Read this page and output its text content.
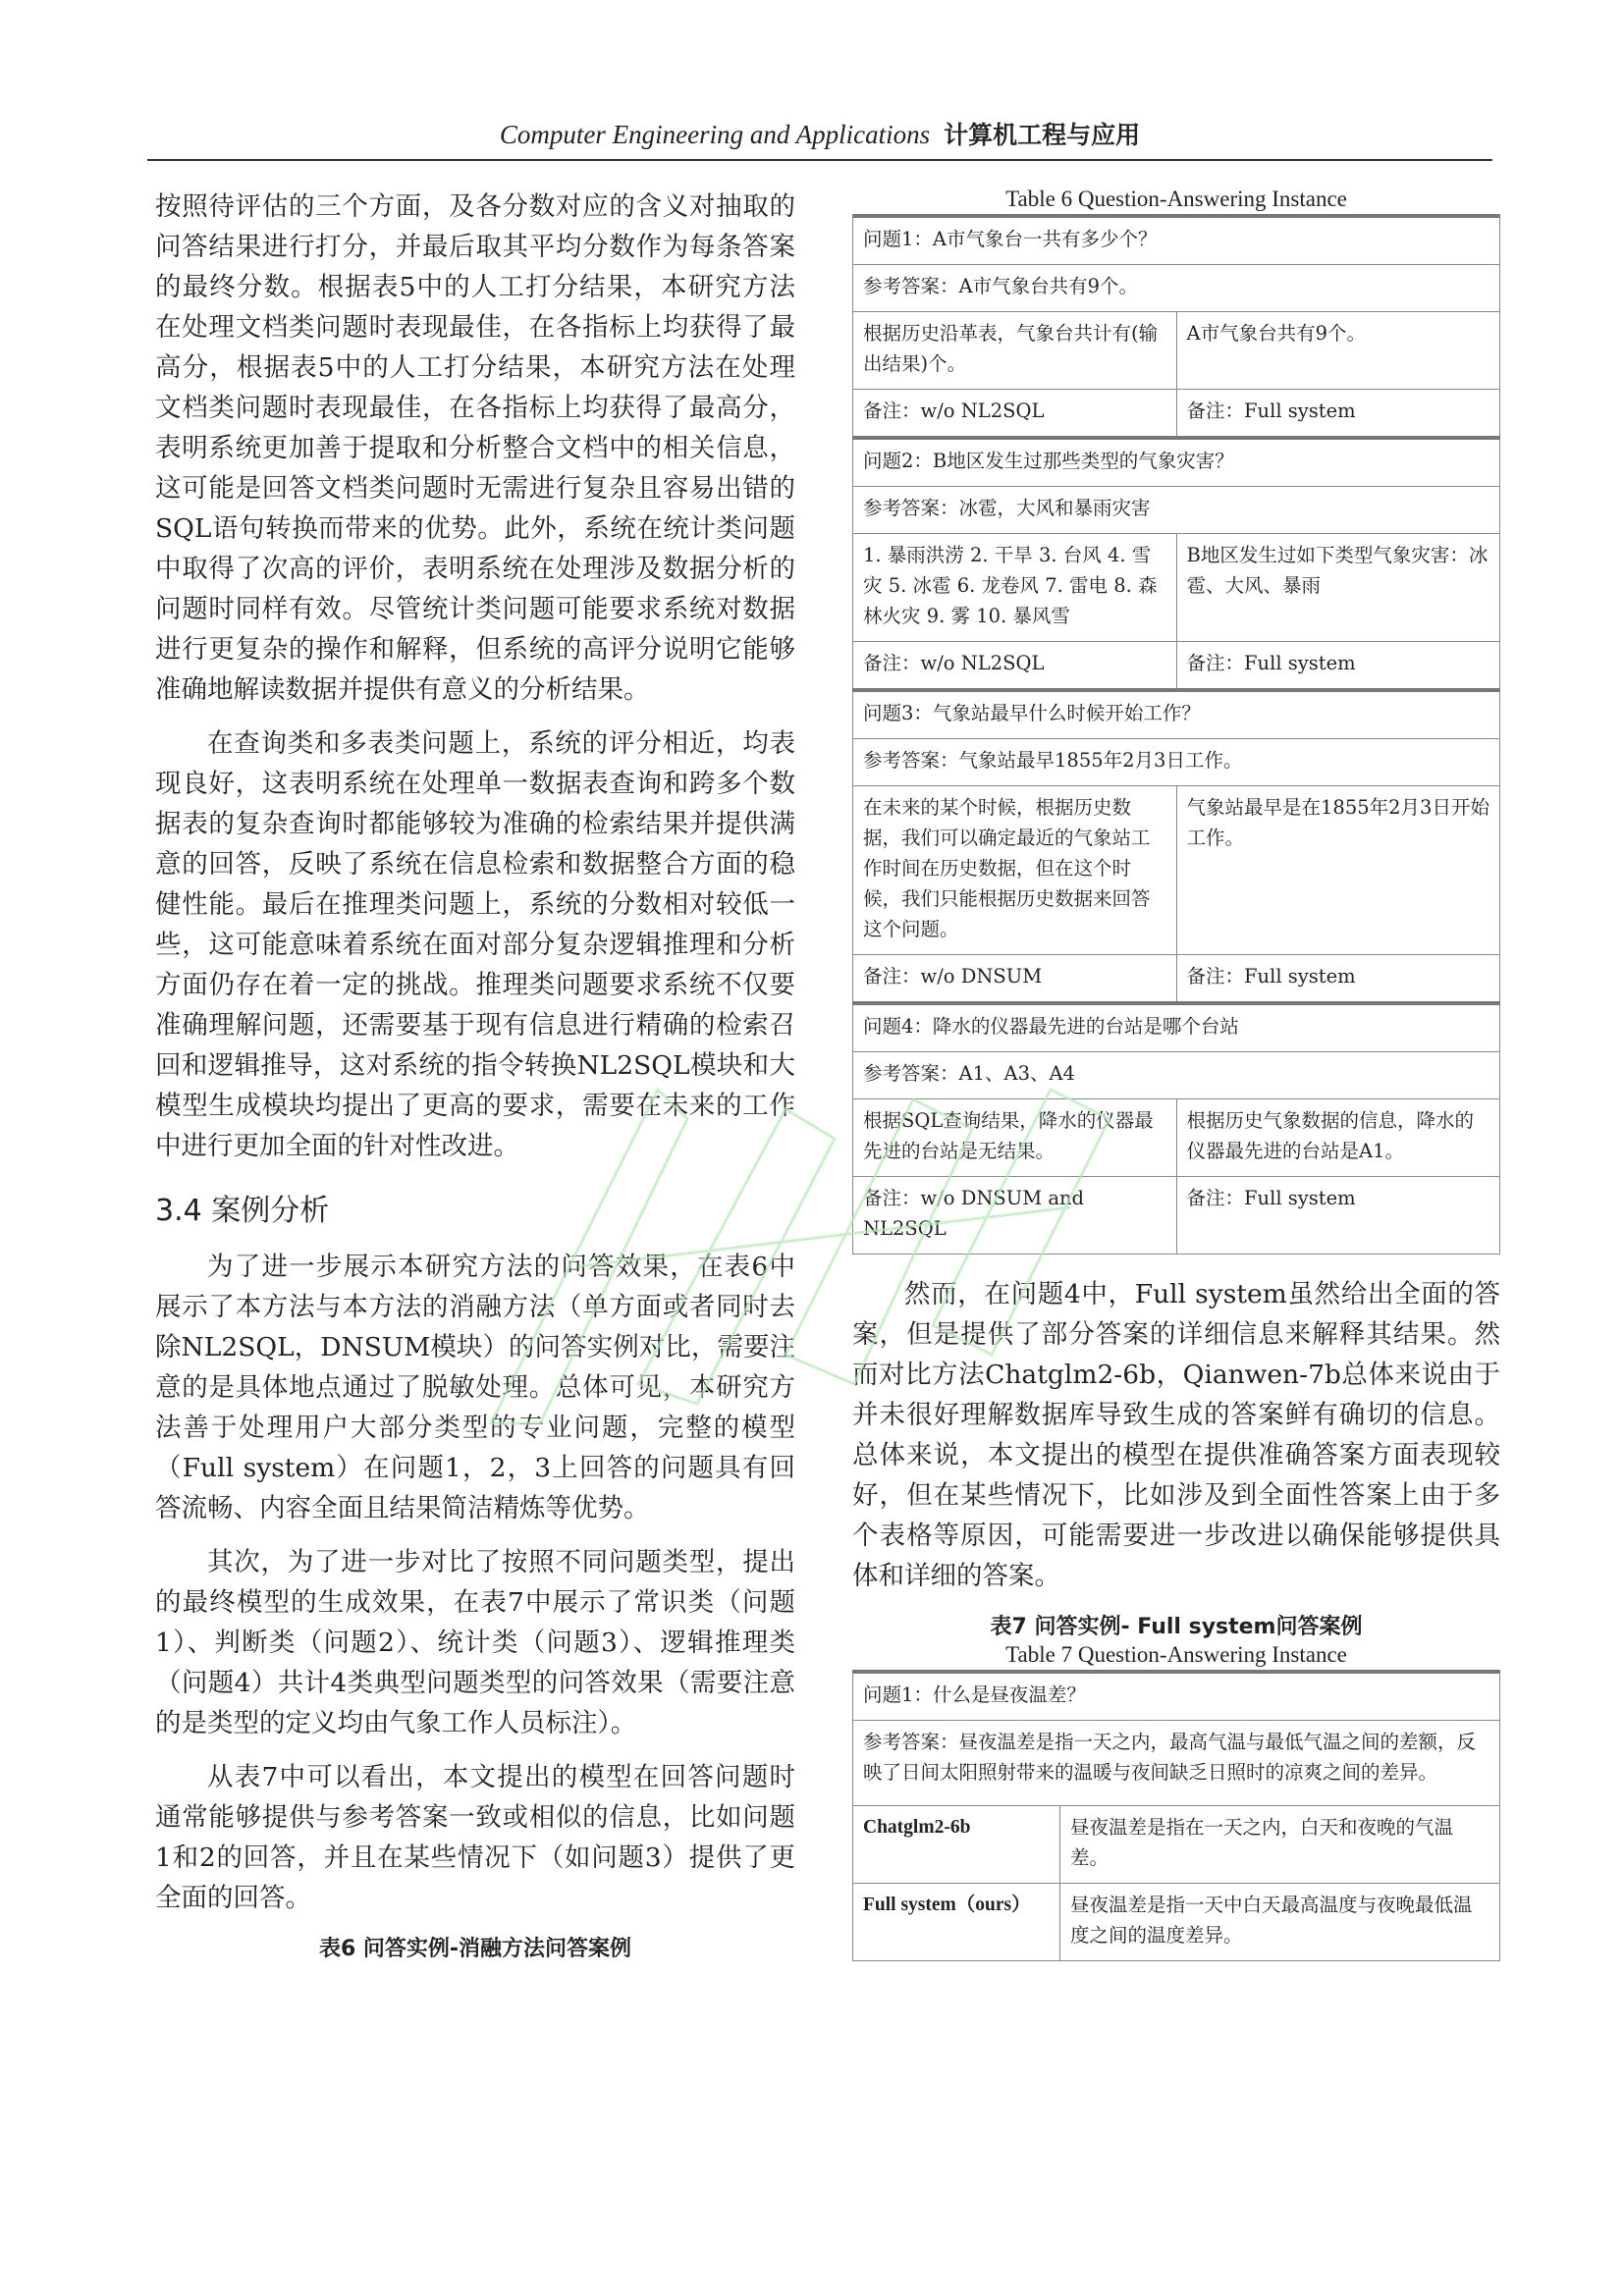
Computer Engineering and Applications 计算机工程与应用

按照待评估的三个方面，及各分数对应的含义对抽取的问答结果进行打分，并最后取其平均分数作为每条答案的最终分数。根据表5中的人工打分结果，本研究方法在处理文档类问题时表现最佳，在各指标上均获得了最高分，根据表5中的人工打分结果，本研究方法在处理文档类问题时表现最佳，在各指标上均获得了最高分，表明系统更加善于提取和分析整合文档中的相关信息，这可能是回答文档类问题时无需进行复杂且容易出错的SQL语句转换而带来的优势。此外，系统在统计类问题中取得了次高的评价，表明系统在处理涉及数据分析的问题时同样有效。尽管统计类问题可能要求系统对数据进行更复杂的操作和解释，但系统的高评分说明它能够准确地解读数据并提供有意义的分析结果。

在查询类和多表类问题上，系统的评分相近，均表现良好，这表明系统在处理单一数据表查询和跨多个数据表的复杂查询时都能够较为准确的检索结果并提供满意的回答，反映了系统在信息检索和数据整合方面的稳健性能。最后在推理类问题上，系统的分数相对较低一些，这可能意味着系统在面对部分复杂逻辑推理和分析方面仍存在着一定的挑战。推理类问题要求系统不仅要准确理解问题，还需要基于现有信息进行精确的检索召回和逻辑推导，这对系统的指令转换NL2SQL模块和大模型生成模块均提出了更高的要求，需要在未来的工作中进行更加全面的针对性改进。

3.4 案例分析

为了进一步展示本研究方法的问答效果，在表6中展示了本方法与本方法的消融方法（单方面或者同时去除NL2SQL，DNSUM模块）的问答实例对比，需要注意的是具体地点通过了脱敏处理。总体可见，本研究方法善于处理用户大部分类型的专业问题，完整的模型（Full system）在问题1，2，3上回答的问题具有回答流畅、内容全面且结果简洁精炼等优势。

其次，为了进一步对比了按照不同问题类型，提出的最终模型的生成效果，在表7中展示了常识类（问题1）、判断类（问题2）、统计类（问题3）、逻辑推理类（问题4）共计4类典型问题类型的问答效果（需要注意的是类型的定义均由气象工作人员标注）。

从表7中可以看出，本文提出的模型在回答问题时通常能够提供与参考答案一致或相似的信息，比如问题1和2的回答，并且在某些情况下（如问题3）提供了更全面的回答。

表6 问答实例-消融方法问答案例
Table 6 Question-Answering Instance
问题1：A市气象台一共有多少个？	
参考答案：A市气象台共有9个。	
根据历史沿革表，气象台共计有(输出结果)个。	A市气象台共有9个。
备注：w/o NL2SQL	备注：Full system
问题2：B地区发生过那些类型的气象灾害？	
参考答案：冰雹，大风和暴雨灾害	
1. 暴雨洪涝 2. 干旱 3. 台风 4. 雪灾 5. 冰雹 6. 龙卷风 7. 雷电 8. 森林火灾 9. 雾 10. 暴风雪	B地区发生过如下类型气象灾害：冰雹、大风、暴雨
备注：w/o NL2SQL	备注：Full system
问题3：气象站最早什么时候开始工作？	
参考答案：气象站最早1855年2月3日工作。	
在未来的某个时候，根据历史数据，我们可以确定最近的气象站工作时间在历史数据，但在这个时候，我们只能根据历史数据来回答这个问题。	气象站最早是在1855年2月3日开始工作。
备注：w/o DNSUM	备注：Full system
问题4：降水的仪器最先进的台站是哪个台站	
参考答案：A1、A3、A4	
根据SQL查询结果，降水的仪器最先进的台站是无结果。	根据历史气象数据的信息，降水的仪器最先进的台站是A1。
备注：w/o DNSUM and NL2SQL	备注：Full system

然而，在问题4中，Full system虽然给出全面的答案，但是提供了部分答案的详细信息来解释其结果。然而对比方法Chatglm2-6b，Qianwen-7b总体来说由于并未很好理解数据库导致生成的答案鲜有确切的信息。总体来说，本文提出的模型在提供准确答案方面表现较好，但在某些情况下，比如涉及到全面性答案上由于多个表格等原因，可能需要进一步改进以确保能够提供具体和详细的答案。

表7 问答实例- Full system问答案例
Table 7 Question-Answering Instance
问题1：什么是昼夜温差？	
参考答案：昼夜温差是指一天之内，最高气温与最低气温之间的差额，反映了日间太阳照射带来的温暖与夜间缺乏日照时的凉爽之间的差异。	
Chatglm2-6b	昼夜温差是指在一天之内，白天和夜晚的气温差。
Full system（ours）	昼夜温差是指一天中白天最高温度与夜晚最低温度之间的温度差异。
